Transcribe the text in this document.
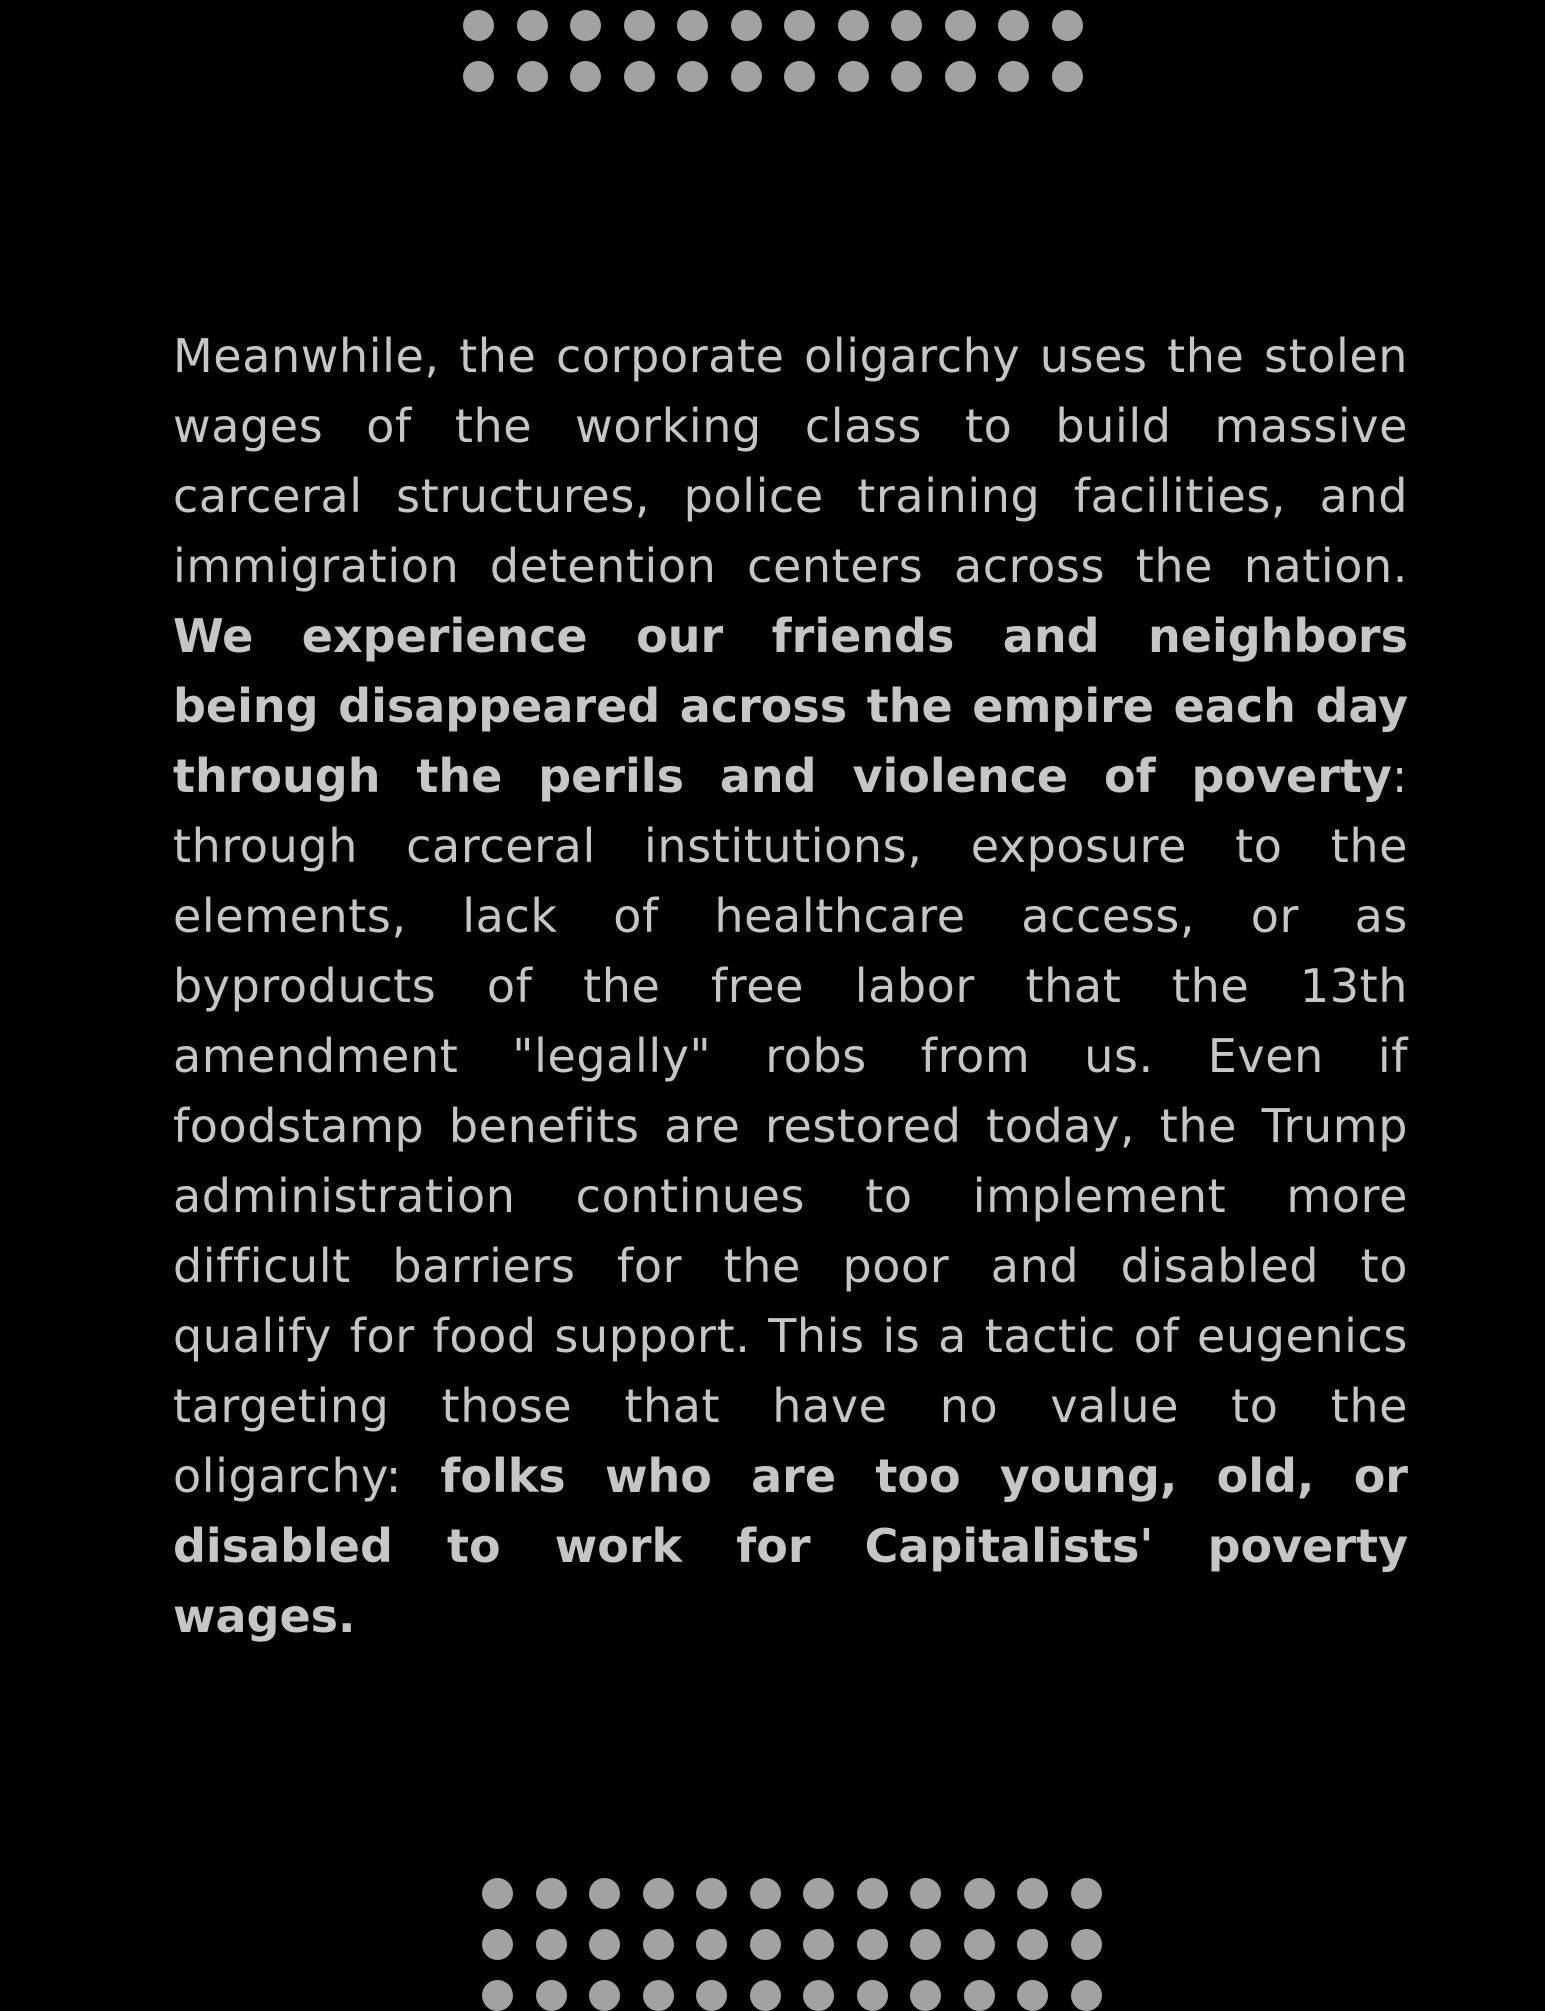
Meanwhile, the corporate oligarchy uses the stolen wages of the working class to build massive carceral structures, police training facilities, and immigration detention centers across the nation. We experience our friends and neighbors being disappeared across the empire each day through the perils and violence of poverty: through carceral institutions, exposure to the elements, lack of healthcare access, or as byproducts of the free labor that the 13th amendment "legally" robs from us. Even if foodstamp benefits are restored today, the Trump administration continues to implement more difficult barriers for the poor and disabled to qualify for food support. This is a tactic of eugenics targeting those that have no value to the oligarchy: folks who are too young, old, or disabled to work for Capitalists' poverty wages.
